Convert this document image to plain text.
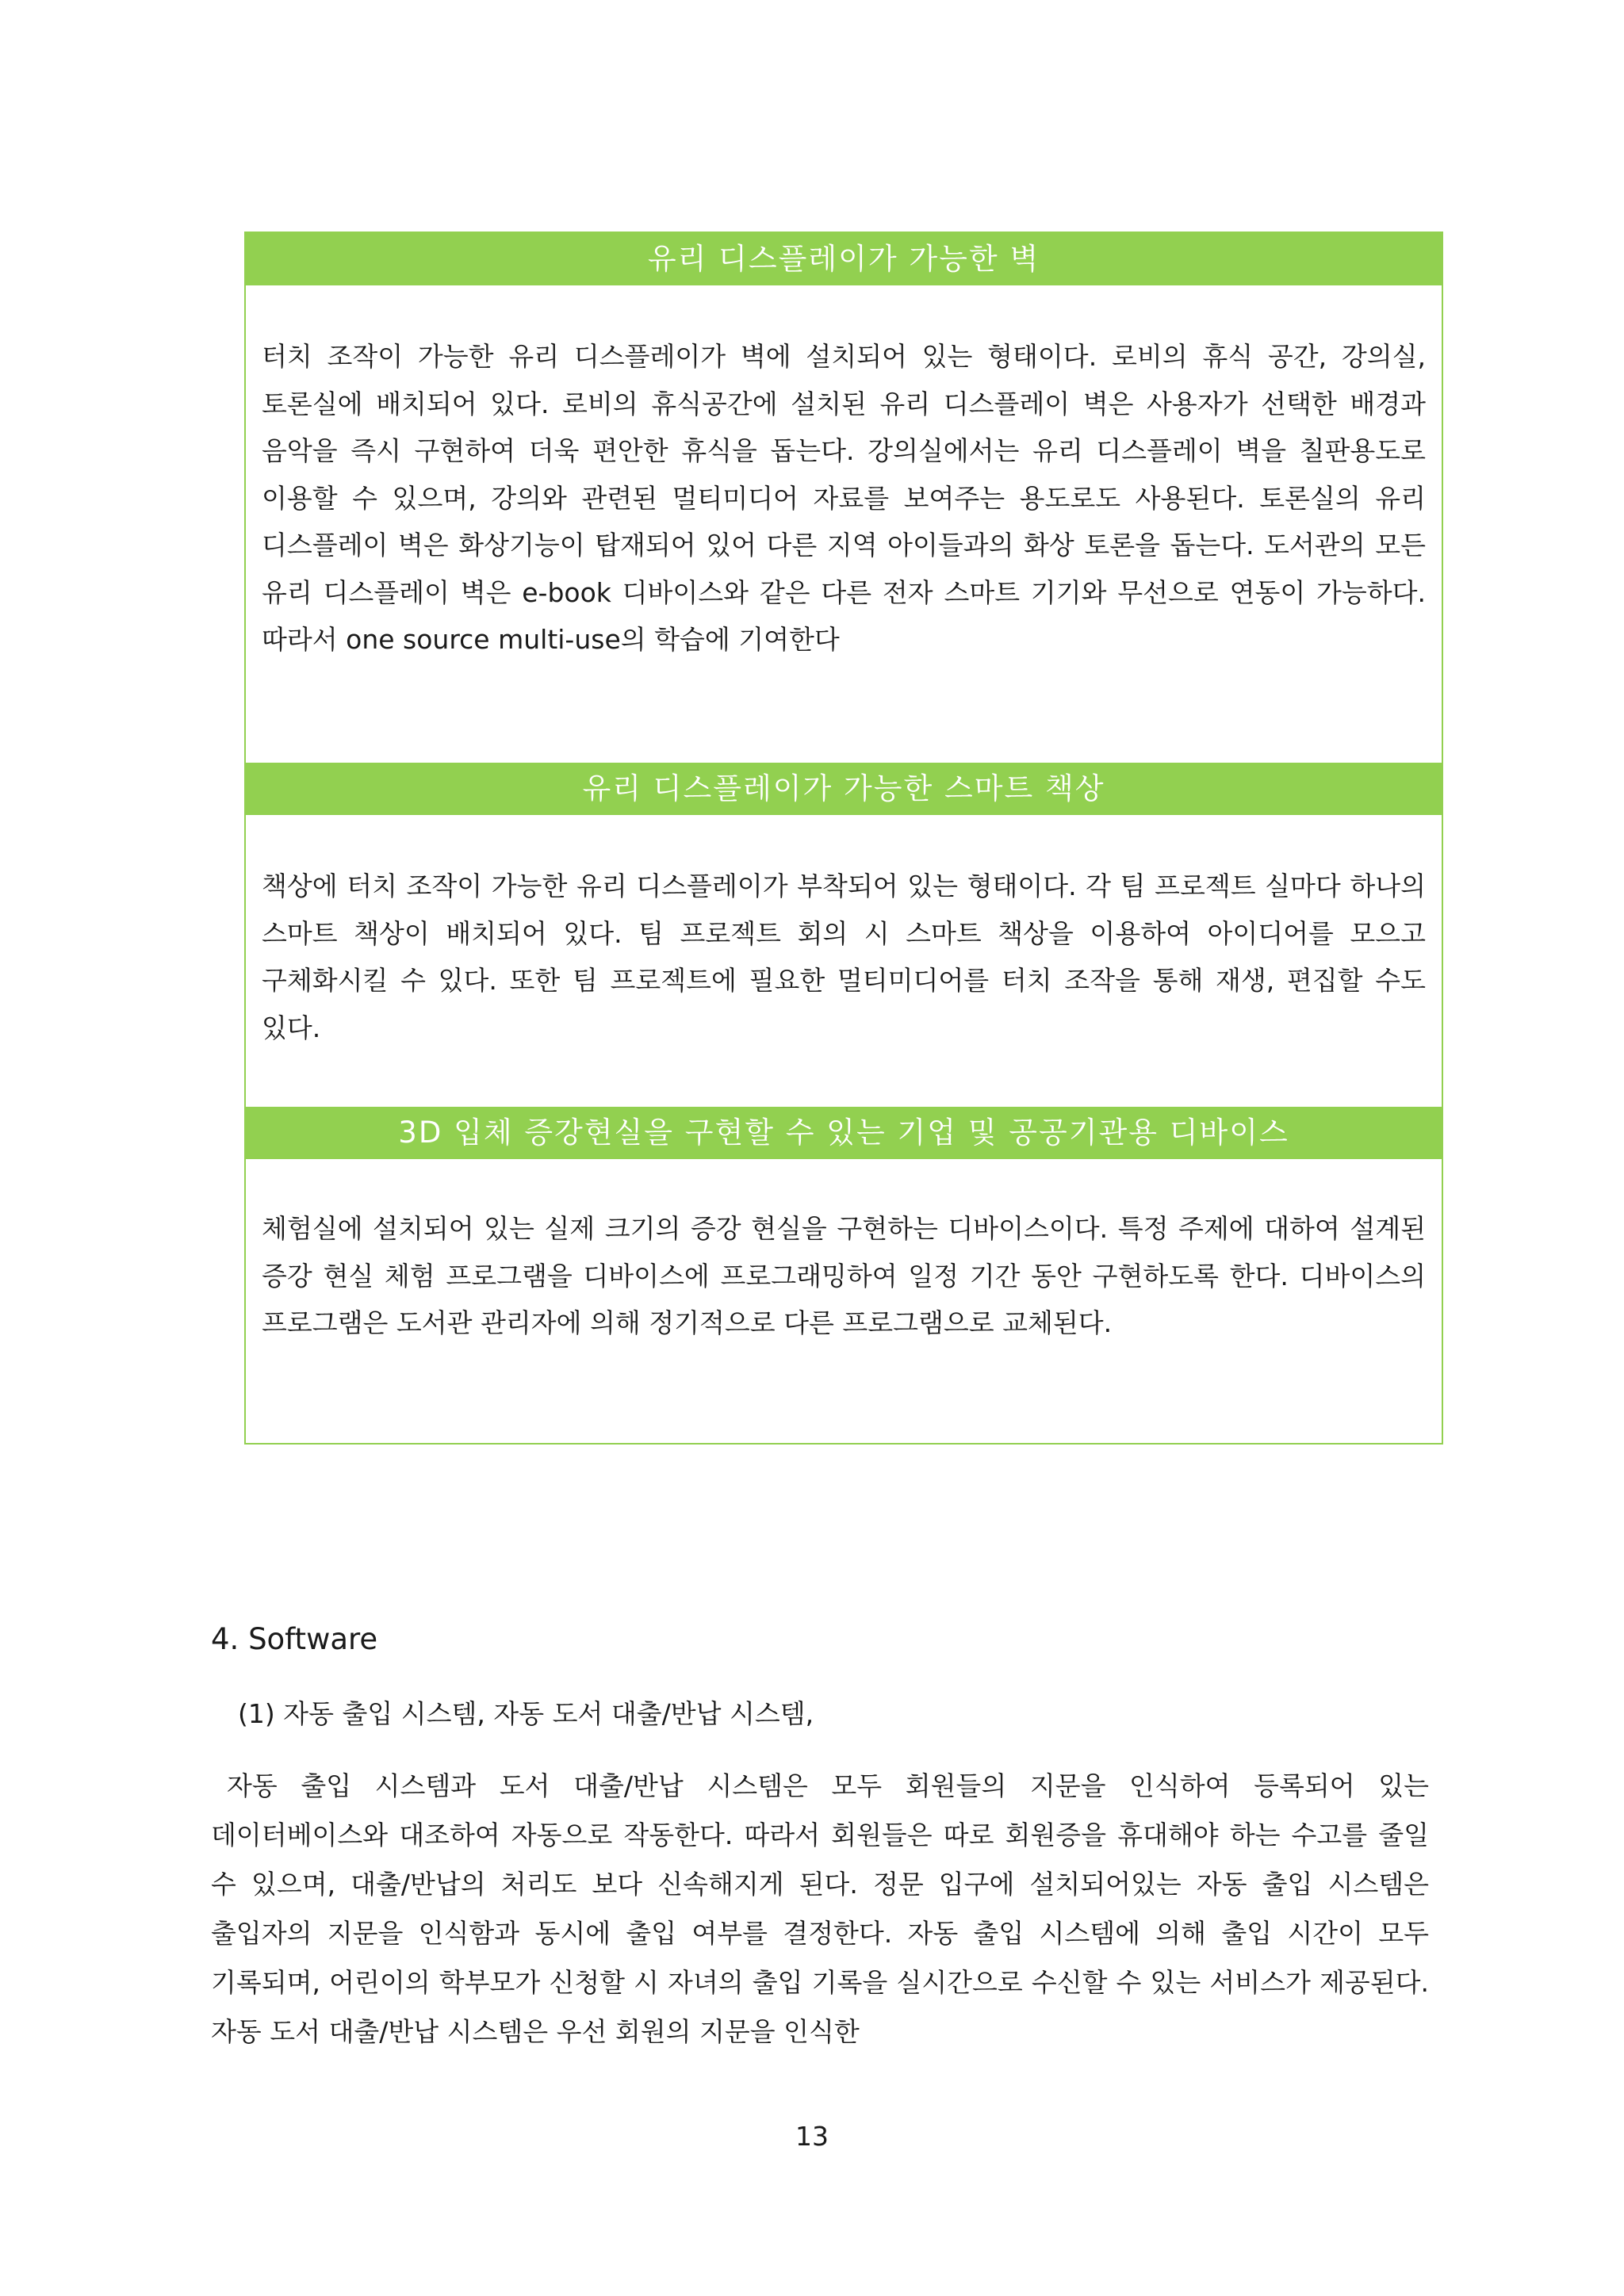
유리 디스플레이가 가능한 벽
터치 조작이 가능한 유리 디스플레이가 벽에 설치되어 있는 형태이다. 로비의 휴식 공간, 강의실, 토론실에 배치되어 있다. 로비의 휴식공간에 설치된 유리 디스플레이 벽은 사용자가 선택한 배경과 음악을 즉시 구현하여 더욱 편안한 휴식을 돕는다. 강의실에서는 유리 디스플레이 벽을 칠판용도로 이용할 수 있으며, 강의와 관련된 멀티미디어 자료를 보여주는 용도로도 사용된다. 토론실의 유리 디스플레이 벽은 화상기능이 탑재되어 있어 다른 지역 아이들과의 화상 토론을 돕는다. 도서관의 모든 유리 디스플레이 벽은 e-book 디바이스와 같은 다른 전자 스마트 기기와 무선으로 연동이 가능하다. 따라서 one source multi-use의 학습에 기여한다
유리 디스플레이가 가능한 스마트 책상
책상에 터치 조작이 가능한 유리 디스플레이가 부착되어 있는 형태이다. 각 팀 프로젝트 실마다 하나의 스마트 책상이 배치되어 있다. 팀 프로젝트 회의 시 스마트 책상을 이용하여 아이디어를 모으고 구체화시킬 수 있다. 또한 팀 프로젝트에 필요한 멀티미디어를 터치 조작을 통해 재생, 편집할 수도 있다.
3D 입체 증강현실을 구현할 수 있는 기업 및 공공기관용 디바이스
체험실에 설치되어 있는 실제 크기의 증강 현실을 구현하는 디바이스이다. 특정 주제에 대하여 설계된 증강 현실 체험 프로그램을 디바이스에 프로그래밍하여 일정 기간 동안 구현하도록 한다. 디바이스의 프로그램은 도서관 관리자에 의해 정기적으로 다른 프로그램으로 교체된다.
4. Software
(1) 자동 출입 시스템, 자동 도서 대출/반납 시스템,
자동 출입 시스템과 도서 대출/반납 시스템은 모두 회원들의 지문을 인식하여 등록되어 있는 데이터베이스와 대조하여 자동으로 작동한다. 따라서 회원들은 따로 회원증을 휴대해야 하는 수고를 줄일 수 있으며, 대출/반납의 처리도 보다 신속해지게 된다. 정문 입구에 설치되어있는 자동 출입 시스템은 출입자의 지문을 인식함과 동시에 출입 여부를 결정한다. 자동 출입 시스템에 의해 출입 시간이 모두 기록되며, 어린이의 학부모가 신청할 시 자녀의 출입 기록을 실시간으로 수신할 수 있는 서비스가 제공된다. 자동 도서 대출/반납 시스템은 우선 회원의 지문을 인식한
13
